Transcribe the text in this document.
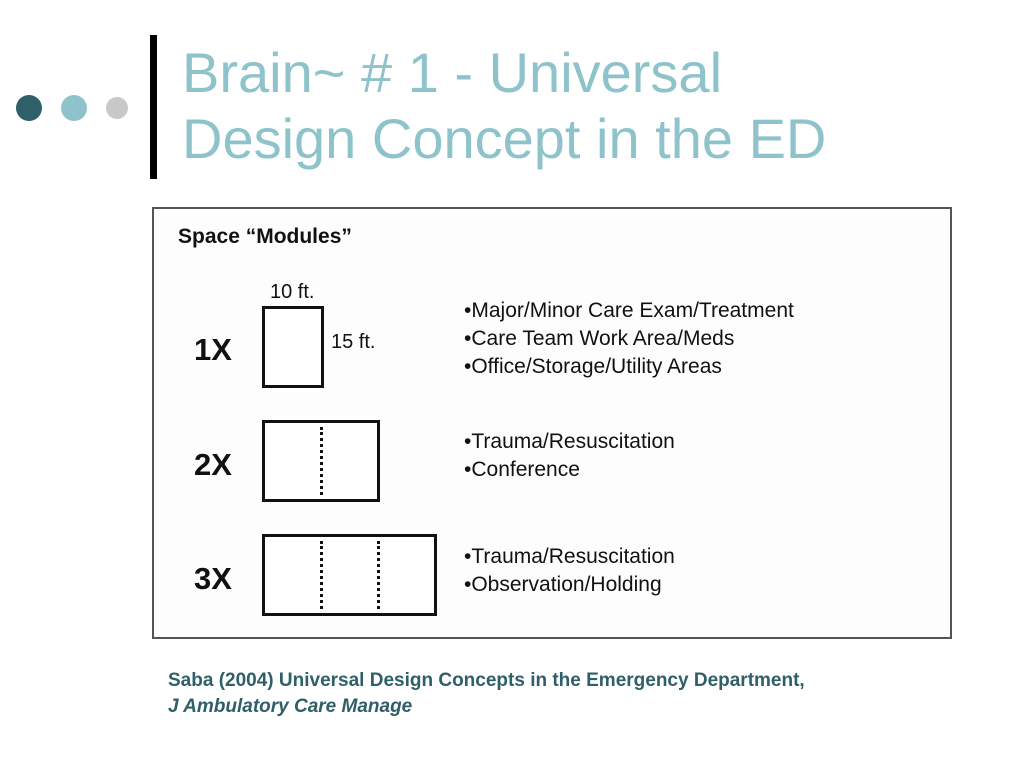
Brain~ # 1 - Universal
Design Concept in the ED
Space “Modules”
10 ft.
1X	15 ft.
•Major/Minor Care Exam/Treatment
•Care Team Work Area/Meds
•Office/Storage/Utility Areas
2X
•Trauma/Resuscitation
•Conference
3X
•Trauma/Resuscitation
•Observation/Holding
Saba (2004) Universal Design Concepts in the Emergency Department,
J Ambulatory Care Manage
